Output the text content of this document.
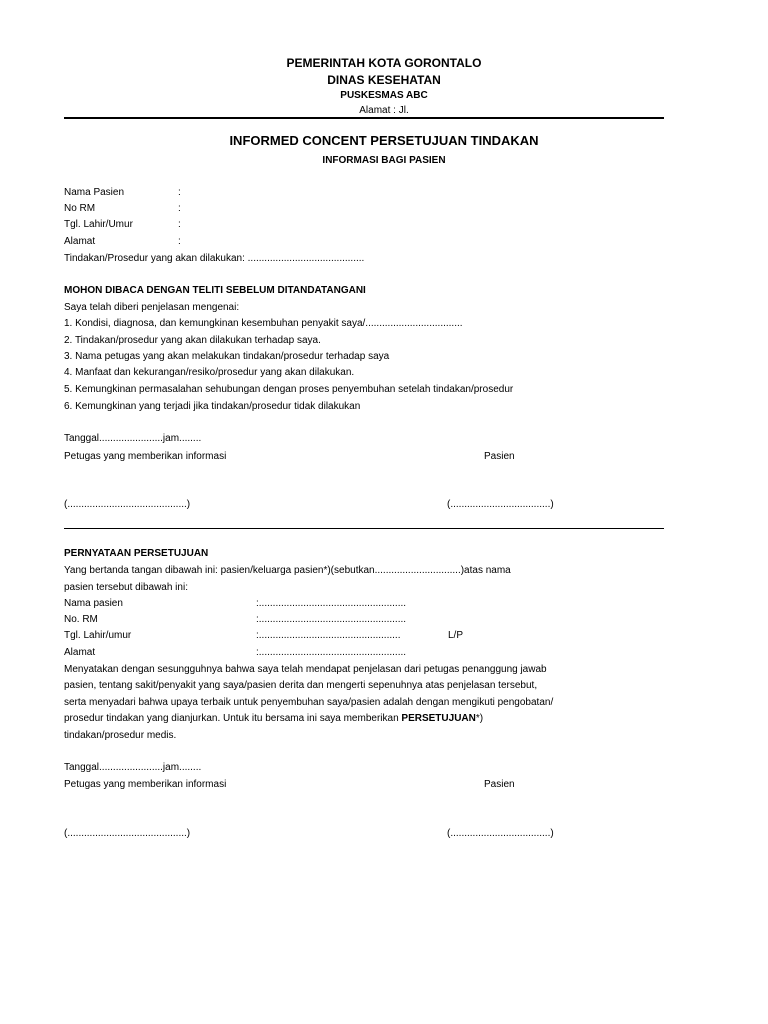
PEMERINTAH KOTA GORONTALO
DINAS KESEHATAN
PUSKESMAS ABC
Alamat : Jl.
INFORMED CONCENT PERSETUJUAN TINDAKAN
INFORMASI BAGI PASIEN
Nama Pasien	:
No RM	:
Tgl. Lahir/Umur	:
Alamat	:
Tindakan/Prosedur yang akan dilakukan: ..........................................
MOHON DIBACA DENGAN TELITI SEBELUM DITANDATANGANI
Saya telah diberi penjelasan mengenai:
1. Kondisi, diagnosa, dan kemungkinan kesembuhan penyakit saya/...................................
2. Tindakan/prosedur yang akan dilakukan terhadap saya.
3. Nama petugas yang akan melakukan tindakan/prosedur terhadap saya
4. Manfaat dan kekurangan/resiko/prosedur yang akan dilakukan.
5. Kemungkinan permasalahan sehubungan dengan proses penyembuhan setelah tindakan/prosedur
6. Kemungkinan yang terjadi jika tindakan/prosedur tidak dilakukan
Tanggal.......................jam........
Petugas yang memberikan informasi	Pasien
(...........................................)	(....................................)
PERNYATAAN PERSETUJUAN
Yang bertanda tangan dibawah ini: pasien/keluarga pasien*)(sebutkan...............................)atas nama
pasien tersebut dibawah ini:
Nama pasien	:.....................................................
No. RM	:.....................................................
Tgl. Lahir/umur	:...................................................	L/P
Alamat	:.....................................................
Menyatakan dengan sesungguhnya bahwa saya telah mendapat penjelasan dari petugas penanggung jawab
pasien, tentang sakit/penyakit yang saya/pasien derita dan mengerti sepenuhnya atas penjelasan tersebut,
serta menyadari bahwa upaya terbaik untuk penyembuhan saya/pasien adalah dengan mengikuti pengobatan/
prosedur tindakan yang dianjurkan. Untuk itu bersama ini saya memberikan PERSETUJUAN*)
tindakan/prosedur medis.
Tanggal.......................jam........
Petugas yang memberikan informasi	Pasien
(...........................................)	(....................................)
